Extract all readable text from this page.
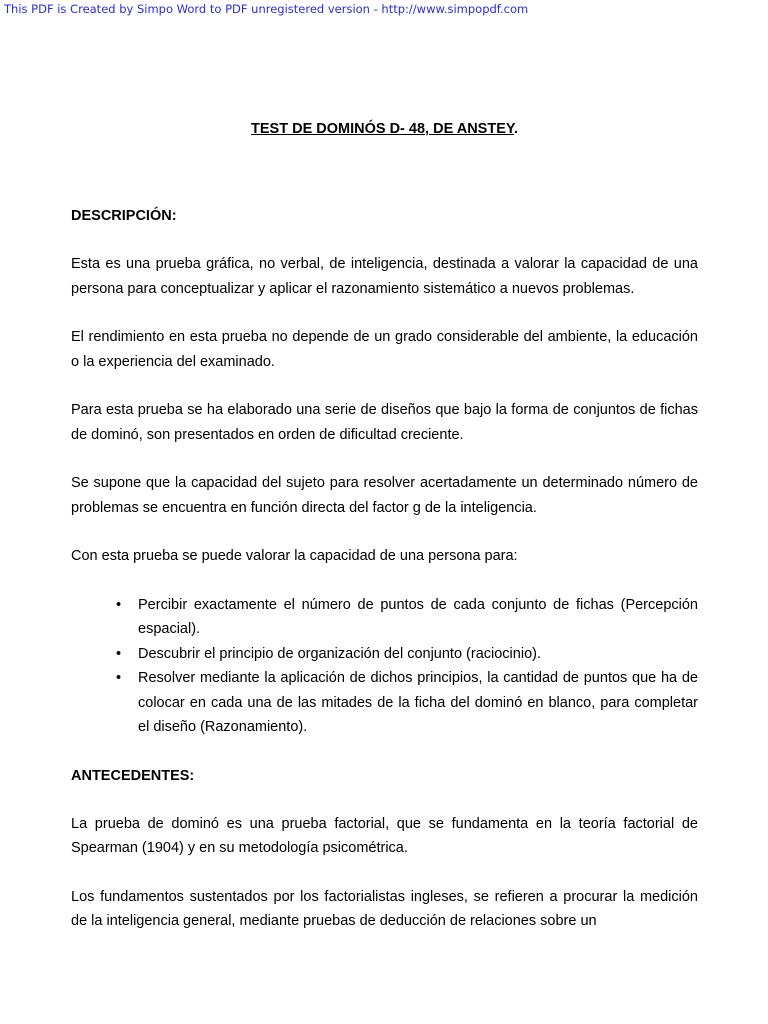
This PDF is Created by Simpo Word to PDF unregistered version - http://www.simpopdf.com
TEST DE DOMINÓS D- 48, DE ANSTEY.
DESCRIPCIÓN:

Esta es una prueba gráfica, no verbal, de inteligencia, destinada a valorar la capacidad de una persona para conceptualizar y aplicar el razonamiento sistemático a nuevos problemas.

El rendimiento en esta prueba no depende de un grado considerable del ambiente, la educación o la experiencia del examinado.

Para esta prueba se ha elaborado una serie de diseños que bajo la forma de conjuntos de fichas de dominó, son presentados en orden de dificultad creciente.

Se supone que la capacidad del sujeto para resolver acertadamente un determinado número de problemas se encuentra en función directa del factor g de la inteligencia.

Con esta prueba se puede valorar la capacidad de una persona para:

• Percibir exactamente el número de puntos de cada conjunto de fichas (Percepción espacial).
• Descubrir el principio de organización del conjunto (raciocinio).
• Resolver mediante la aplicación de dichos principios, la cantidad de puntos que ha de colocar en cada una de las mitades de la ficha del dominó en blanco, para completar el diseño (Razonamiento).
ANTECEDENTES:

La prueba de dominó es una prueba factorial, que se fundamenta en la teoría factorial de Spearman (1904) y en su metodología psicométrica.

Los fundamentos sustentados por los factorialistas ingleses, se refieren a procurar la medición de la inteligencia general, mediante pruebas de deducción de relaciones sobre un
